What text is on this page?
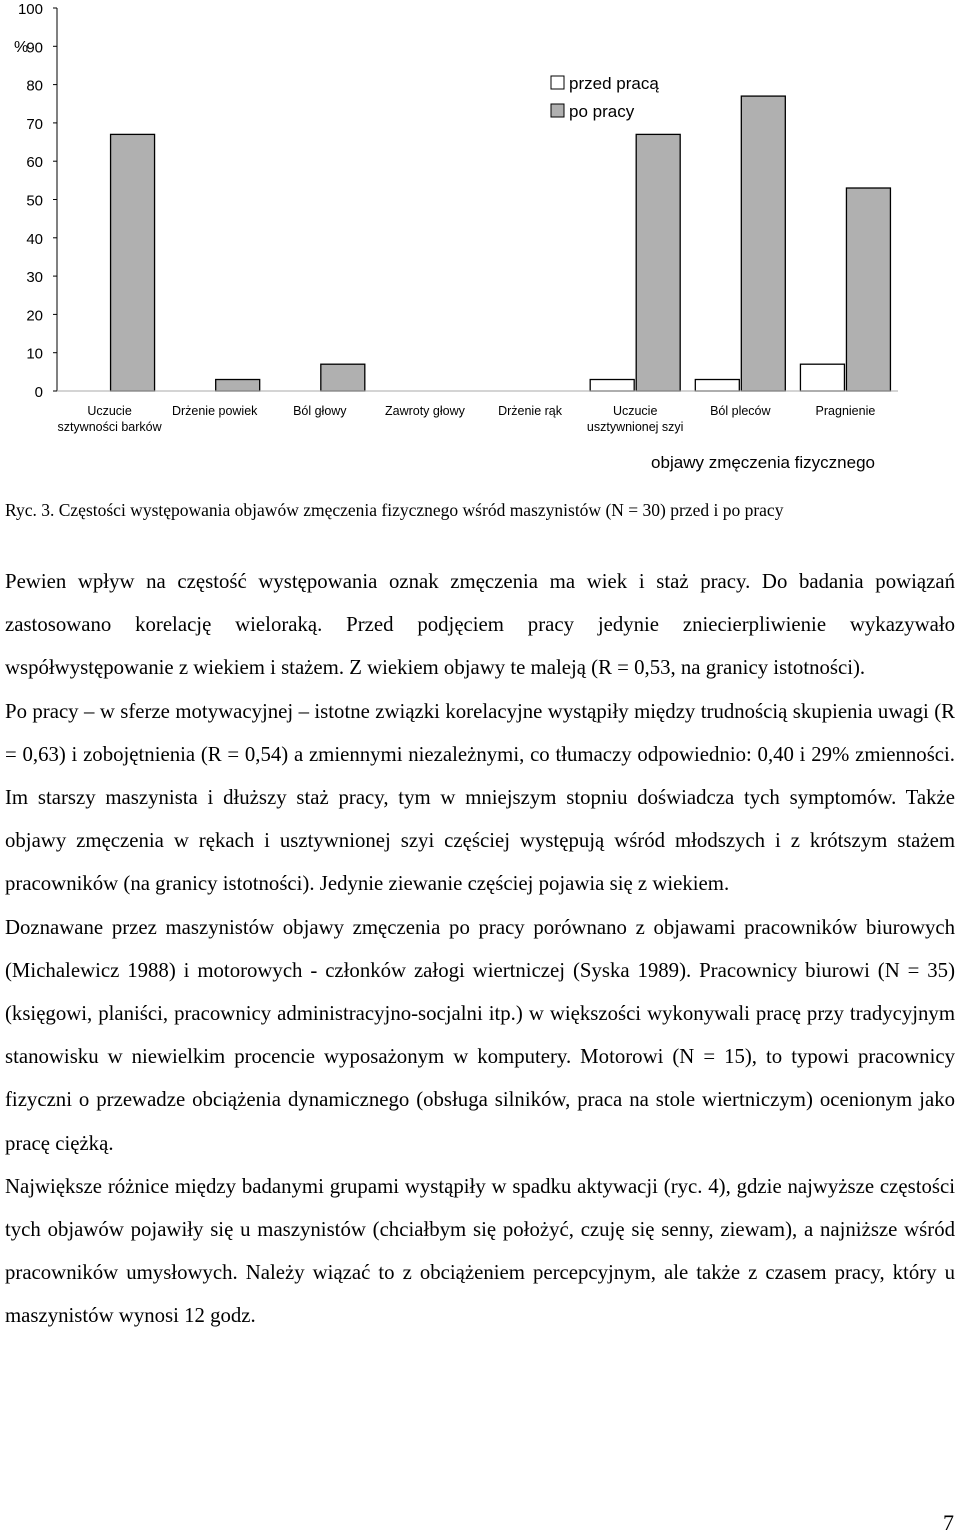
0
10
20
30
40
50
60
70
80
90
100
Uczucie sztywności barków
Drżenie powiek	Ból głowy	Zawroty głowy	Drżenie rąk	Uczucie usztywnionej szyi
Ból pleców	Pragnienie
przed pracą
po pracy
%
objawy zmęczenia fizycznego
Ryc. 3. Częstości występowania objawów zmęczenia fizycznego wśród maszynistów (N = 30) przed i po pracy

Pewien wpływ na częstość występowania oznak zmęczenia ma wiek i staż pracy. Do badania powiązań zastosowano korelację wieloraką. Przed podjęciem pracy jedynie zniecierpliwienie wykazywało współwystępowanie z wiekiem i stażem. Z wiekiem objawy te maleją (R = 0,53, na granicy istotności).

Po pracy – w sferze motywacyjnej – istotne związki korelacyjne wystąpiły między trudnością skupienia uwagi (R = 0,63) i zobojętnienia (R = 0,54) a zmiennymi niezależnymi, co tłumaczy odpowiednio: 0,40 i 29% zmienności. Im starszy maszynista i dłuższy staż pracy, tym w mniejszym stopniu doświadcza tych symptomów. Także objawy zmęczenia w rękach i usztywnionej szyi częściej występują wśród młodszych i z krótszym stażem pracowników (na granicy istotności). Jedynie ziewanie częściej pojawia się z wiekiem.

Doznawane przez maszynistów objawy zmęczenia po pracy porównano z objawami pracowników biurowych (Michalewicz 1988) i motorowych - członków załogi wiertniczej (Syska 1989). Pracownicy biurowi (N = 35) (księgowi, planiści, pracownicy administracyjno-socjalni itp.) w większości wykonywali pracę przy tradycyjnym stanowisku w niewielkim procencie wyposażonym w komputery. Motorowi (N = 15), to typowi pracownicy fizyczni o przewadze obciążenia dynamicznego (obsługa silników, praca na stole wiertniczym) ocenionym jako pracę ciężką.

Największe różnice między badanymi grupami wystąpiły w spadku aktywacji (ryc. 4), gdzie najwyższe częstości tych objawów pojawiły się u maszynistów (chciałbym się położyć, czuję się senny, ziewam), a najniższe wśród pracowników umysłowych. Należy wiązać to z obciążeniem percepcyjnym, ale także z czasem pracy, który u maszynistów wynosi 12 godz.

7
